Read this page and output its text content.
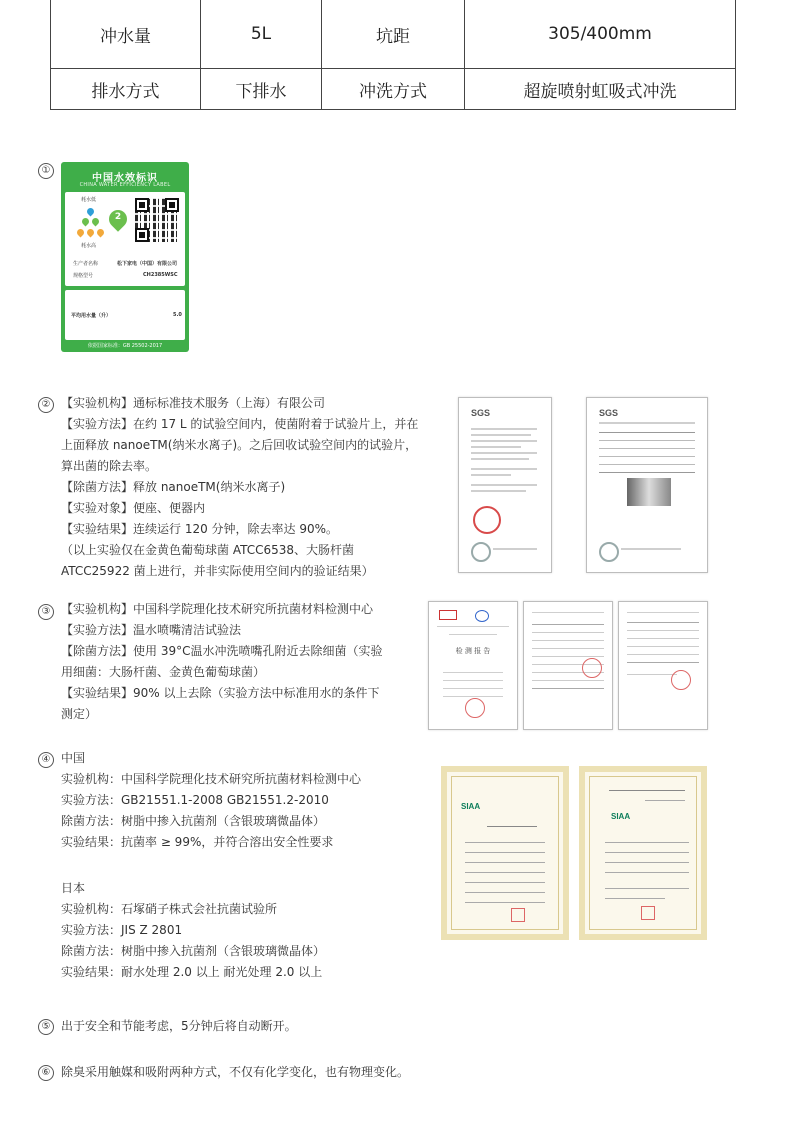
冲水量	5L	坑距	305/400mm
排水方式	下排水	冲洗方式	超旋喷射虹吸式冲洗
①
中国水效标识
CHINA WATER EFFICIENCY LABEL
耗水低
耗水高
2
生产者名称	松下家电（中国）有限公司
规格型号	CH2385WSC
平均用水量（升）	5.0
依据国家标准：GB 25502-2017
② 【实验机构】通标标准技术服务（上海）有限公司
【实验方法】在约 17 L 的试验空间内，使菌附着于试验片上，并在
上面释放 nanoeTM(纳米水离子)。之后回收试验空间内的试验片，
算出菌的除去率。
【除菌方法】释放 nanoeTM(纳米水离子)
【实验对象】便座、便器内
【实验结果】连续运行 120 分钟，除去率达 90%。
（以上实验仅在金黄色葡萄球菌 ATCC6538、大肠杆菌
ATCC25922 菌上进行，并非实际使用空间内的验证结果）
SGS	SGS
③ 【实验机构】中国科学院理化技术研究所抗菌材料检测中心
【实验方法】温水喷嘴清洁试验法
【除菌方法】使用 39°C温水冲洗喷嘴孔附近去除细菌（实验
用细菌：大肠杆菌、金黄色葡萄球菌）
【实验结果】90% 以上去除（实验方法中标准用水的条件下
测定）
检 测 报 告
④ 中国
实验机构：中国科学院理化技术研究所抗菌材料检测中心
实验方法：GB21551.1-2008 GB21551.2-2010
除菌方法：树脂中掺入抗菌剂（含银玻璃微晶体）
实验结果：抗菌率 ≥ 99%，并符合溶出安全性要求
日本
实验机构：石塚硝子株式会社抗菌试验所
实验方法：JIS Z 2801
除菌方法：树脂中掺入抗菌剂（含银玻璃微晶体）
实验结果：耐水处理 2.0 以上 耐光处理 2.0 以上
SIAA
SIAA
⑤ 出于安全和节能考虑，5分钟后将自动断开。
⑥ 除臭采用触媒和吸附两种方式，不仅有化学变化，也有物理变化。
